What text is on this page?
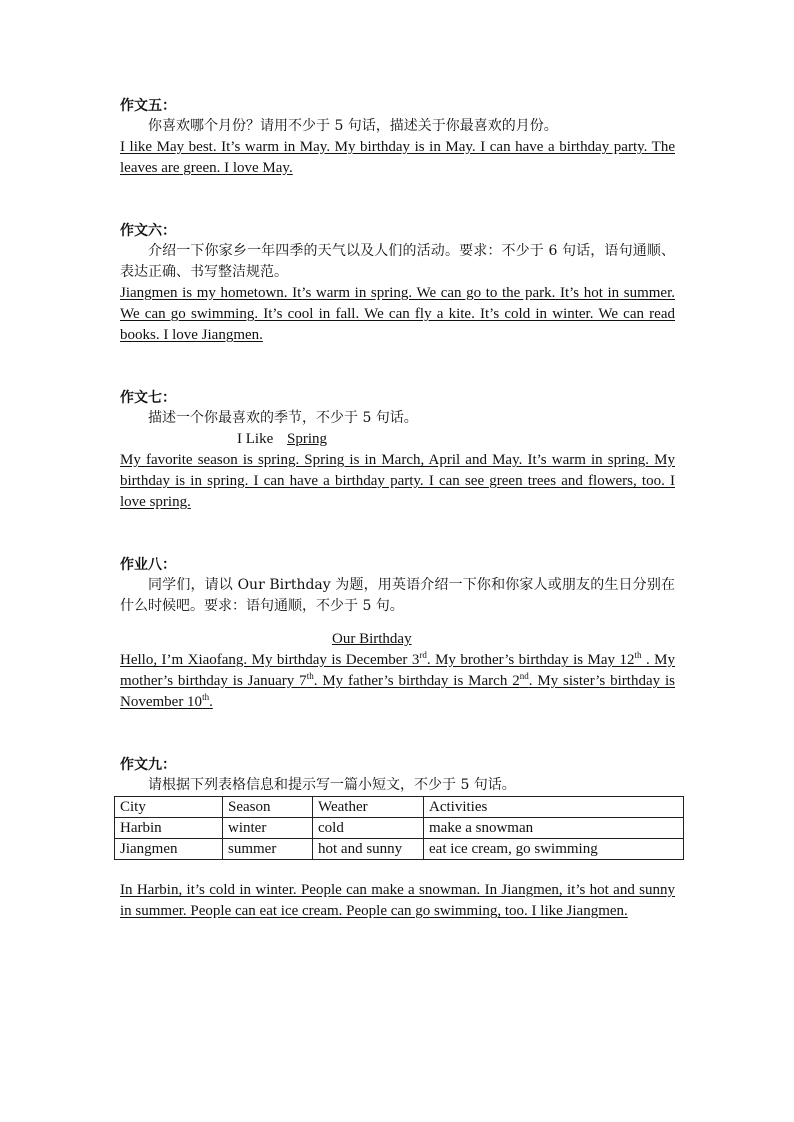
作文五：

你喜欢哪个月份？请用不少于 5 句话，描述关于你最喜欢的月份。

I like May best. It’s warm in May. My birthday is in May. I can have a birthday party. The leaves are green. I love May.

作文六：

介绍一下你家乡一年四季的天气以及人们的活动。要求：不少于 6 句话，语句通顺、表达正确、书写整洁规范。

Jiangmen is my hometown. It’s warm in spring. We can go to the park. It’s hot in summer. We can go swimming. It’s cool in fall. We can fly a kite. It’s cold in winter. We can read books. I love Jiangmen.

作文七：

描述一个你最喜欢的季节，不少于 5 句话。

I Like Spring

My favorite season is spring. Spring is in March, April and May. It’s warm in spring. My birthday is in spring. I can have a birthday party. I can see green trees and flowers, too. I love spring.

作业八：

同学们，请以 Our Birthday 为题，用英语介绍一下你和你家人或朋友的生日分别在什么时候吧。要求：语句通顺，不少于 5 句。

Our Birthday

Hello, I’m Xiaofang. My birthday is December 3rd. My brother’s birthday is May 12th . My mother’s birthday is January 7th. My father’s birthday is March 2nd. My sister’s birthday is November 10th.

作文九：

请根据下列表格信息和提示写一篇小短文，不少于 5 句话。

City	Season	Weather	Activities
Harbin	winter	cold	make a snowman
Jiangmen	summer	hot and sunny	eat ice cream, go swimming

In Harbin, it’s cold in winter. People can make a snowman. In Jiangmen, it’s hot and sunny in summer. People can eat ice cream. People can go swimming, too. I like Jiangmen.
